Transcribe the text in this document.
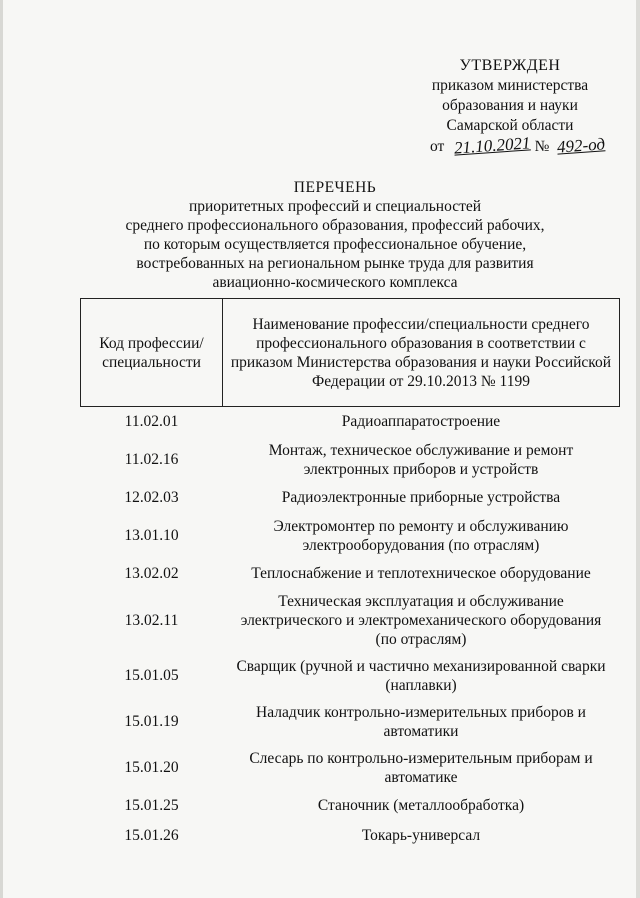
УТВЕРЖДЕН
приказом министерства
образования и науки
Самарской области
от 21.10.2021 № 492-од
ПЕРЕЧЕНЬ
приоритетных профессий и специальностей
среднего профессионального образования, профессий рабочих,
по которым осуществляется профессиональное обучение,
востребованных на региональном рынке труда для развития
авиационно-космического комплекса
Код профессии/ специальности	Наименование профессии/специальности среднего профессионального образования в соответствии с приказом Министерства образования и науки Российской Федерации от 29.10.2013 № 1199
11.02.01	Радиоаппаратостроение
11.02.16	Монтаж, техническое обслуживание и ремонт электронных приборов и устройств
12.02.03	Радиоэлектронные приборные устройства
13.01.10	Электромонтер по ремонту и обслуживанию электрооборудования (по отраслям)
13.02.02	Теплоснабжение и теплотехническое оборудование
13.02.11	Техническая эксплуатация и обслуживание электрического и электромеханического оборудования (по отраслям)
15.01.05	Сварщик (ручной и частично механизированной сварки (наплавки)
15.01.19	Наладчик контрольно-измерительных приборов и автоматики
15.01.20	Слесарь по контрольно-измерительным приборам и автоматике
15.01.25	Станочник (металлообработка)
15.01.26	Токарь-универсал
